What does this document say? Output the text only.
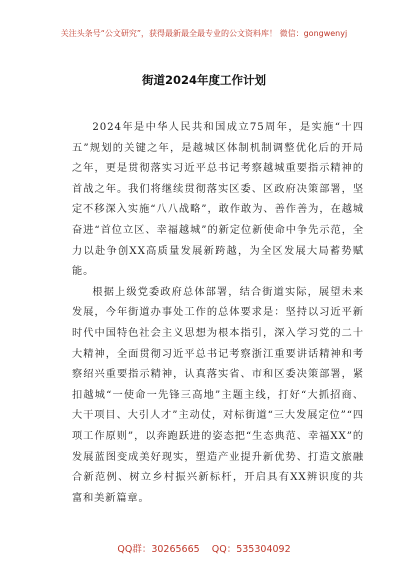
关注头条号“公文研究”，获得最新最全最专业的公文资料库！ 微信：gongwenyj
街道2024年度工作计划

2024年是中华人民共和国成立75周年，是实施“十四五”规划的关键之年，是越城区体制机制调整优化后的开局之年，更是贯彻落实习近平总书记考察越城重要指示精神的首战之年。我们将继续贯彻落实区委、区政府决策部署，坚定不移深入实施“八八战略”，敢作敢为、善作善为，在越城奋进“首位立区、幸福越城”的新定位新使命中争先示范，全力以赴争创XX高质量发展新跨越，为全区发展大局蓄势赋能。

根据上级党委政府总体部署，结合街道实际，展望未来发展，今年街道办事处工作的总体要求是：坚持以习近平新时代中国特色社会主义思想为根本指引，深入学习党的二十大精神，全面贯彻习近平总书记考察浙江重要讲话精神和考察绍兴重要指示精神，认真落实省、市和区委决策部署，紧扣越城“一使命一先锋三高地”主题主线，打好“大抓招商、大干项目、大引人才”主动仗，对标街道“三大发展定位”“四项工作原则”，以奔跑跃进的姿态把“生态典范、幸福XX”的发展蓝图变成美好现实，塑造产业提升新优势、打造文旅融合新范例、树立乡村振兴新标杆，开启具有XX辨识度的共富和美新篇章。

QQ群：30265665    QQ：535304092
